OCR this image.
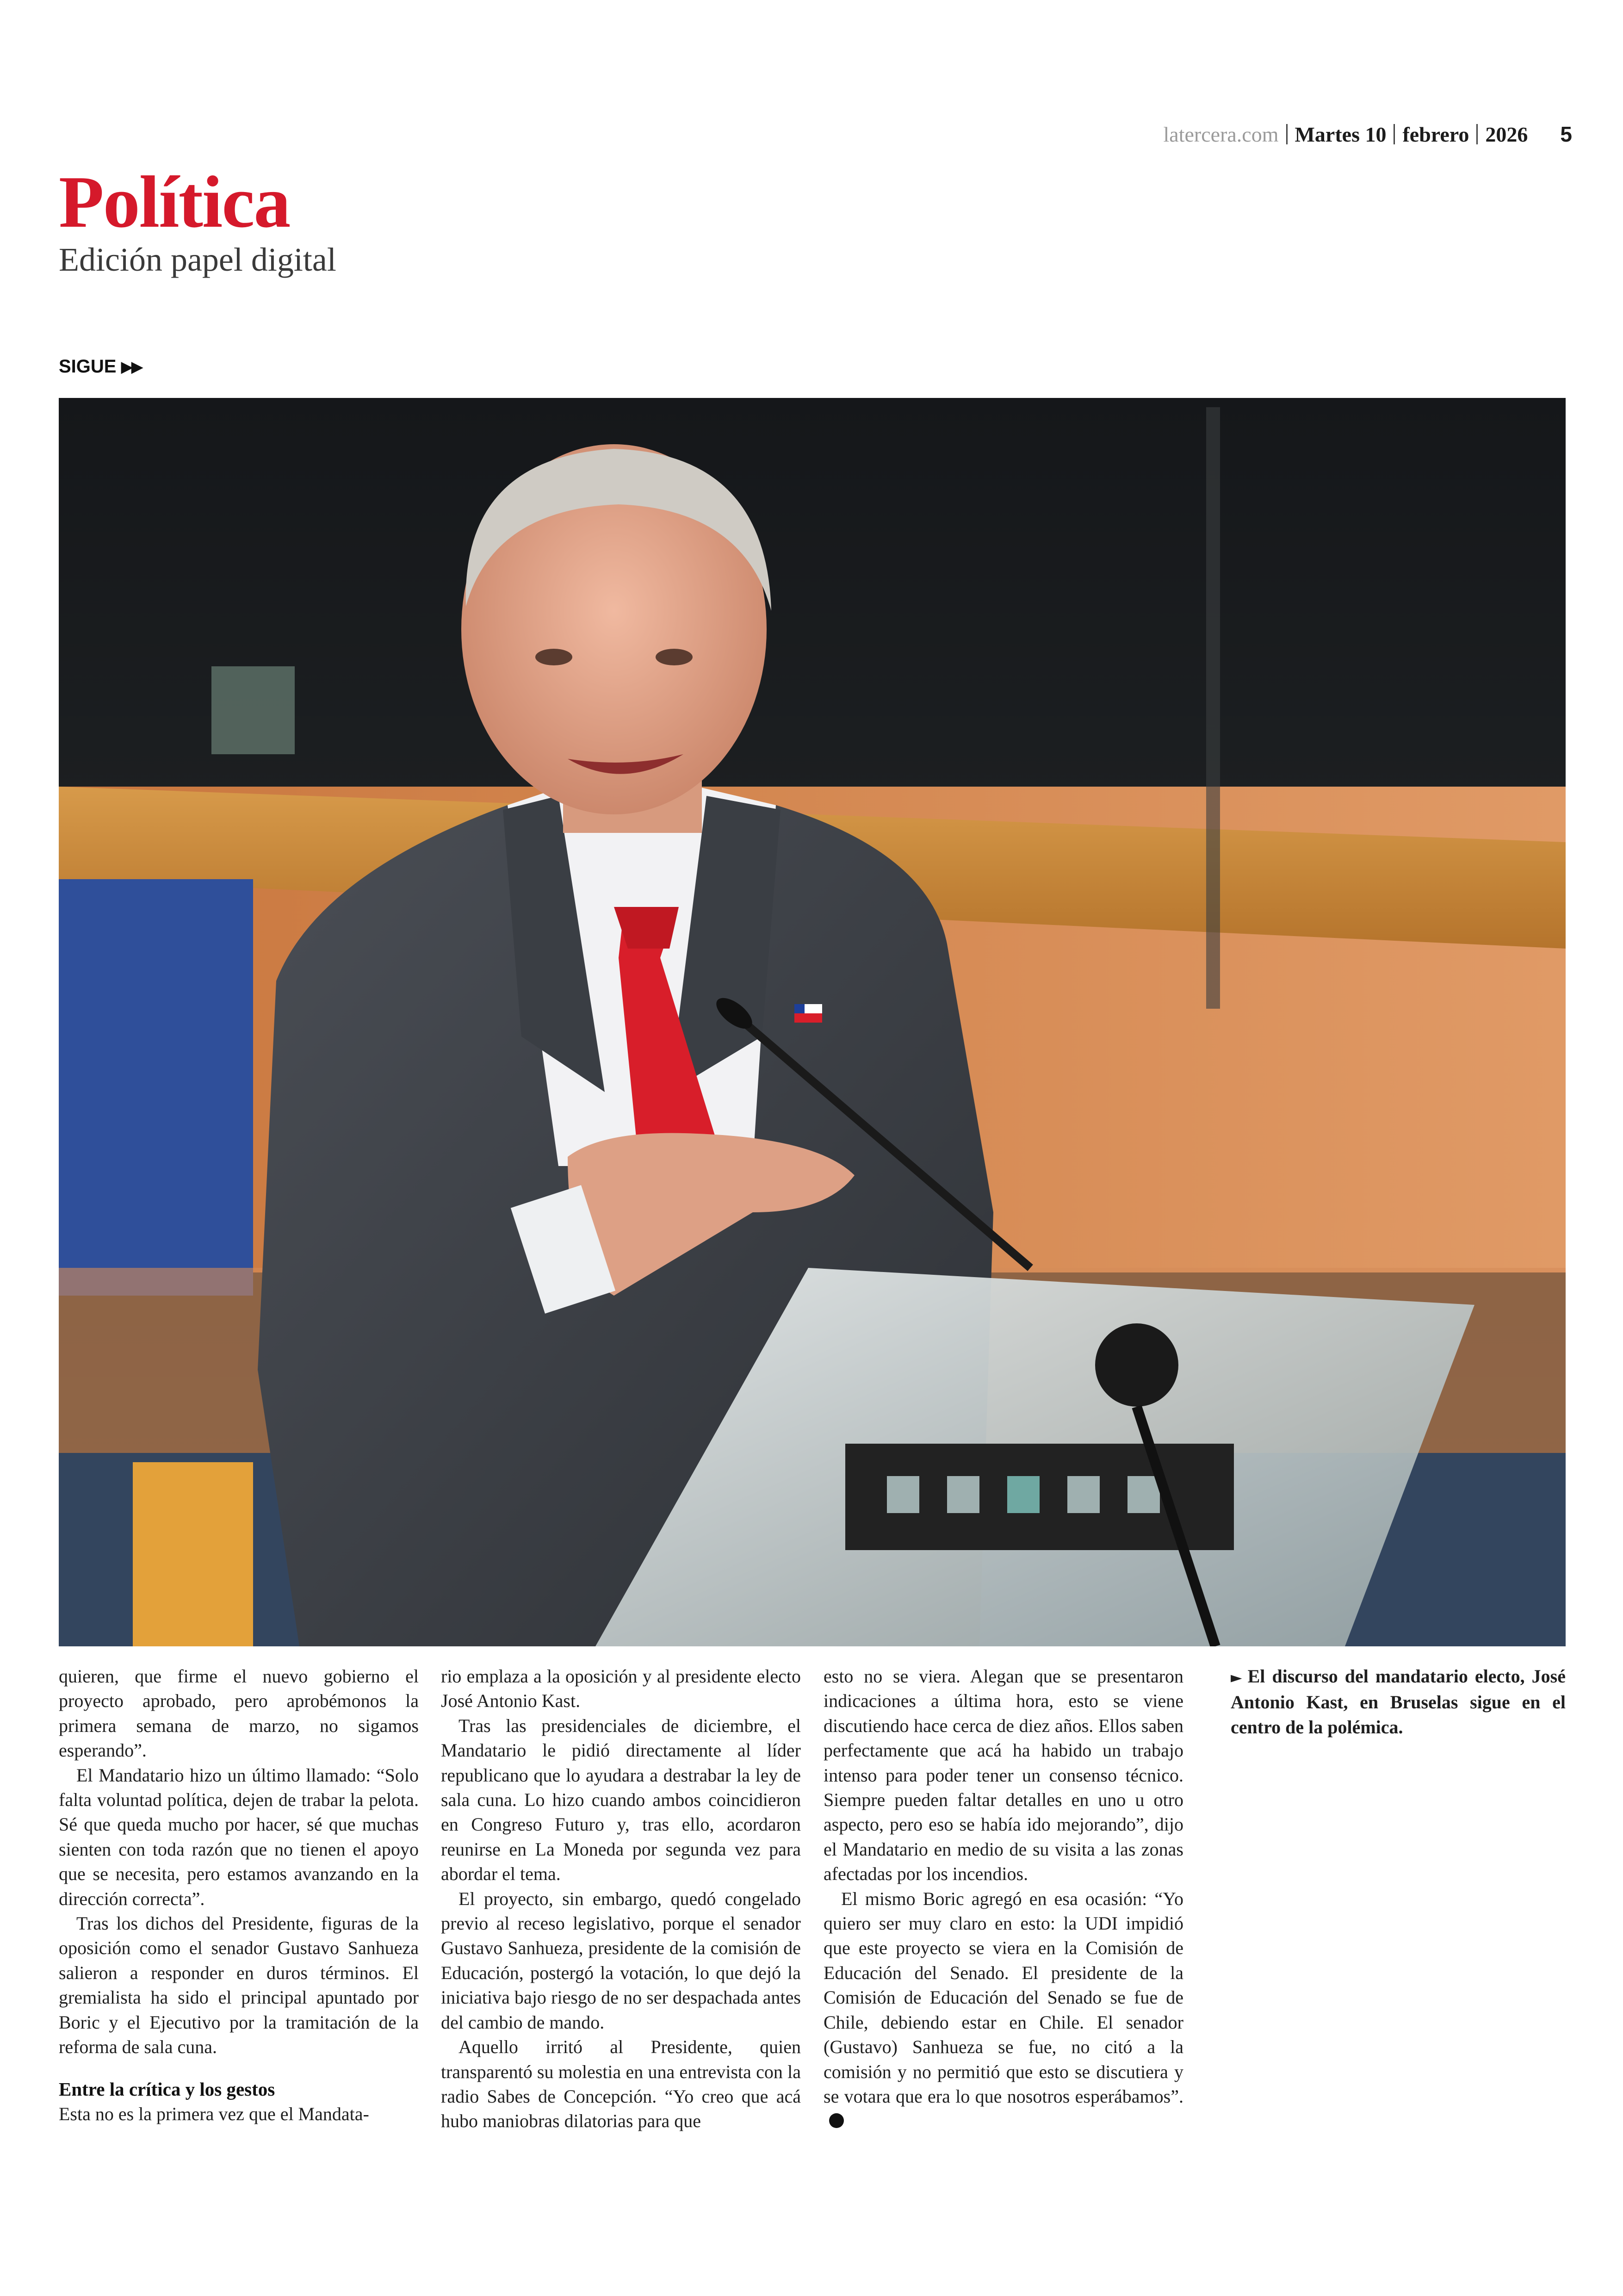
latercera.com Martes 10 febrero 2026 5
Política
Edición papel digital
SIGUE ▶▶

quieren, que firme el nuevo gobierno el proyecto aprobado, pero aprobémonos la primera semana de marzo, no sigamos esperando”.

El Mandatario hizo un último llamado: “Solo falta voluntad política, dejen de trabar la pelota. Sé que queda mucho por hacer, sé que muchas sienten con toda razón que no tienen el apoyo que se necesita, pero estamos avanzando en la dirección correcta”.

Tras los dichos del Presidente, figuras de la oposición como el senador Gustavo Sanhueza salieron a responder en duros términos. El gremialista ha sido el principal apuntado por Boric y el Ejecutivo por la tramitación de la reforma de sala cuna.

Entre la crítica y los gestos

Esta no es la primera vez que el Mandata-

rio emplaza a la oposición y al presidente electo José Antonio Kast.

Tras las presidenciales de diciembre, el Mandatario le pidió directamente al líder republicano que lo ayudara a destrabar la ley de sala cuna. Lo hizo cuando ambos coincidieron en Congreso Futuro y, tras ello, acordaron reunirse en La Moneda por segunda vez para abordar el tema.

El proyecto, sin embargo, quedó congelado previo al receso legislativo, porque el senador Gustavo Sanhueza, presidente de la comisión de Educación, postergó la votación, lo que dejó la iniciativa bajo riesgo de no ser despachada antes del cambio de mando.

Aquello irritó al Presidente, quien transparentó su molestia en una entrevista con la radio Sabes de Concepción. “Yo creo que acá hubo maniobras dilatorias para que

esto no se viera. Alegan que se presentaron indicaciones a última hora, esto se viene discutiendo hace cerca de diez años. Ellos saben perfectamente que acá ha habido un trabajo intenso para poder tener un consenso técnico. Siempre pueden faltar detalles en uno u otro aspecto, pero eso se había ido mejorando”, dijo el Mandatario en medio de su visita a las zonas afectadas por los incendios.

El mismo Boric agregó en esa ocasión: “Yo quiero ser muy claro en esto: la UDI impidió que este proyecto se viera en la Comisión de Educación del Senado. El presidente de la Comisión de Educación del Senado se fue de Chile, debiendo estar en Chile. El senador (Gustavo) Sanhueza se fue, no citó a la comisión y no permitió que esto se discutiera y se votara que era lo que nosotros esperábamos”.

► El discurso del mandatario electo, José Antonio Kast, en Bruselas sigue en el centro de la polémica.
